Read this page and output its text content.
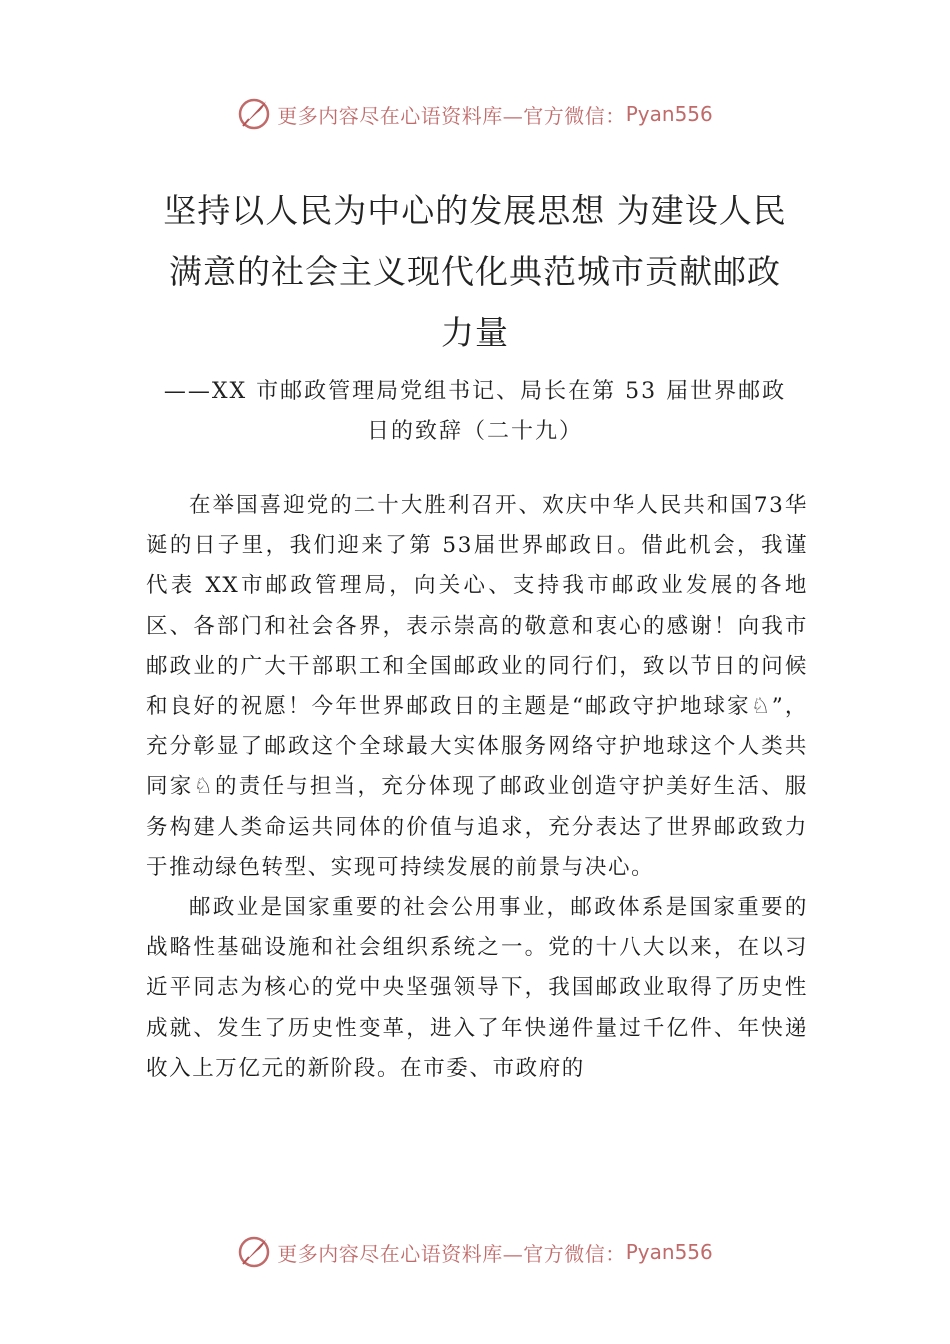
更多内容尽在心语资料库—官方微信： Pyan556
坚持以人民为中心的发展思想 为建设人民
满意的社会主义现代化典范城市贡献邮政
力量
——XX 市邮政管理局党组书记、局长在第 53 届世界邮政
日的致辞（二十九）

在举国喜迎党的二十大胜利召开、欢庆中华人民共和国73华诞的日子里，我们迎来了第 53届世界邮政日。借此机会，我谨代表 XX市邮政管理局，向关心、支持我市邮政业发展的各地区、各部门和社会各界，表示崇高的敬意和衷心的感谢！向我市邮政业的广大干部职工和全国邮政业的同行们，致以节日的问候和良好的祝愿！今年世界邮政日的主题是“邮政守护地球家♘”，充分彰显了邮政这个全球最大实体服务网络守护地球这个人类共同家♘的责任与担当，充分体现了邮政业创造守护美好生活、服务构建人类命运共同体的价值与追求，充分表达了世界邮政致力于推动绿色转型、实现可持续发展的前景与决心。

邮政业是国家重要的社会公用事业，邮政体系是国家重要的战略性基础设施和社会组织系统之一。党的十八大以来，在以习近平同志为核心的党中央坚强领导下，我国邮政业取得了历史性成就、发生了历史性变革，进入了年快递件量过千亿件、年快递收入上万亿元的新阶段。在市委、市政府的

更多内容尽在心语资料库—官方微信： Pyan556
